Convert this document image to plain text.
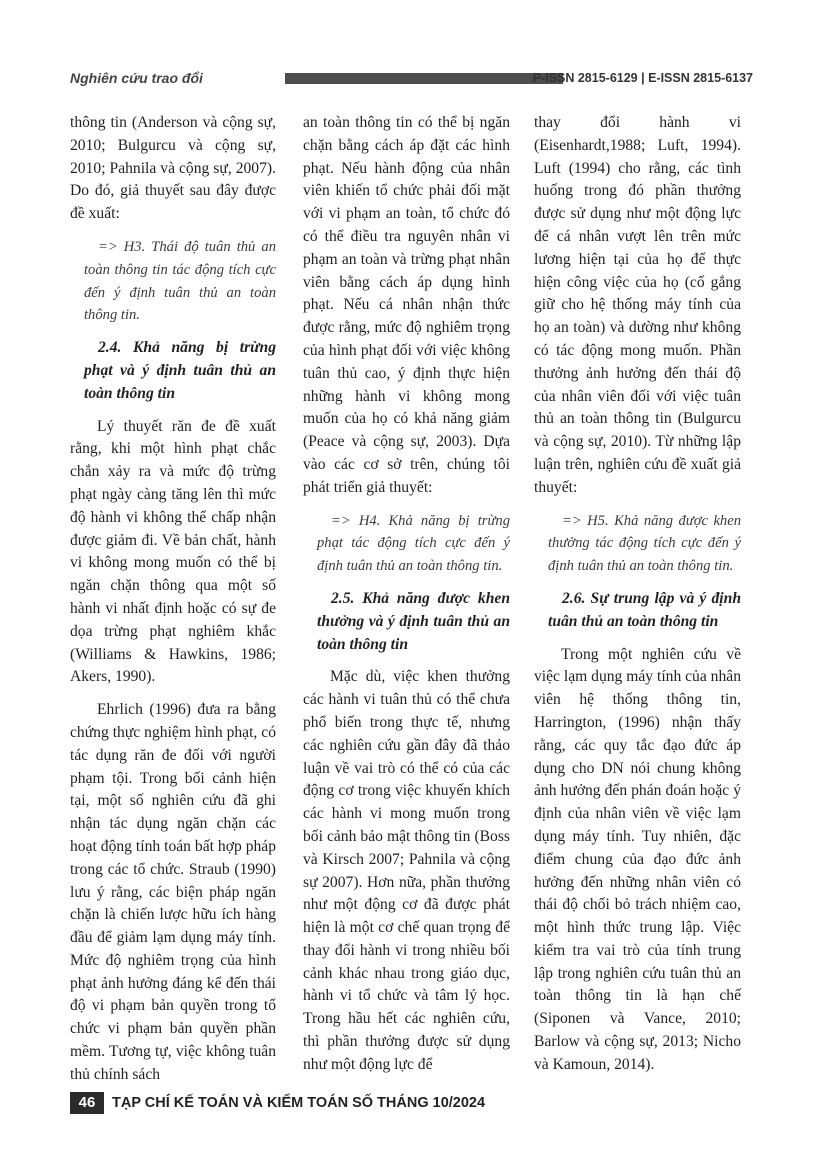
Nghiên cứu trao đổi	P-ISSN 2815-6129 | E-ISSN 2815-6137

thông tin (Anderson và cộng sự, 2010; Bulgurcu và cộng sự, 2010; Pahnila và cộng sự, 2007). Do đó, giả thuyết sau đây được đề xuất:

=> H3. Thái độ tuân thủ an toàn thông tin tác động tích cực đến ý định tuân thủ an toàn thông tin.

2.4. Khả năng bị trừng phạt và ý định tuân thủ an toàn thông tin

Lý thuyết răn đe đề xuất rằng, khi một hình phạt chắc chắn xảy ra và mức độ trừng phạt ngày càng tăng lên thì mức độ hành vi không thể chấp nhận được giảm đi. Về bản chất, hành vi không mong muốn có thể bị ngăn chặn thông qua một số hành vi nhất định hoặc có sự đe dọa trừng phạt nghiêm khắc (Williams & Hawkins, 1986; Akers, 1990).

Ehrlich (1996) đưa ra bằng chứng thực nghiệm hình phạt, có tác dụng răn đe đối với người phạm tội. Trong bối cảnh hiện tại, một số nghiên cứu đã ghi nhận tác dụng ngăn chặn các hoạt động tính toán bất hợp pháp trong các tổ chức. Straub (1990) lưu ý rằng, các biện pháp ngăn chặn là chiến lược hữu ích hàng đầu để giảm lạm dụng máy tính. Mức độ nghiêm trọng của hình phạt ảnh hưởng đáng kể đến thái độ vi phạm bản quyền trong tổ chức vi phạm bản quyền phần mềm. Tương tự, việc không tuân thủ chính sách

an toàn thông tin có thể bị ngăn chặn bằng cách áp đặt các hình phạt. Nếu hành động của nhân viên khiến tổ chức phải đối mặt với vi phạm an toàn, tổ chức đó có thể điều tra nguyên nhân vi phạm an toàn và trừng phạt nhân viên bằng cách áp dụng hình phạt. Nếu cá nhân nhận thức được rằng, mức độ nghiêm trọng của hình phạt đối với việc không tuân thủ cao, ý định thực hiện những hành vi không mong muốn của họ có khả năng giảm (Peace và cộng sự, 2003). Dựa vào các cơ sở trên, chúng tôi phát triển giả thuyết:

=> H4. Khả năng bị trừng phạt tác động tích cực đến ý định tuân thủ an toàn thông tin.

2.5. Khả năng được khen thưởng và ý định tuân thủ an toàn thông tin

Mặc dù, việc khen thưởng các hành vi tuân thủ có thể chưa phổ biến trong thực tế, nhưng các nghiên cứu gần đây đã thảo luận về vai trò có thể có của các động cơ trong việc khuyến khích các hành vi mong muốn trong bối cảnh bảo mật thông tin (Boss và Kirsch 2007; Pahnila và cộng sự 2007). Hơn nữa, phần thưởng như một động cơ đã được phát hiện là một cơ chế quan trọng để thay đổi hành vi trong nhiều bối cảnh khác nhau trong giáo dục, hành vi tổ chức và tâm lý học. Trong hầu hết các nghiên cứu, thì phần thưởng được sử dụng như một động lực để

thay đổi hành vi (Eisenhardt,1988; Luft, 1994). Luft (1994) cho rằng, các tình huống trong đó phần thưởng được sử dụng như một động lực để cá nhân vượt lên trên mức lương hiện tại của họ để thực hiện công việc của họ (cố gắng giữ cho hệ thống máy tính của họ an toàn) và dường như không có tác động mong muốn. Phần thưởng ảnh hưởng đến thái độ của nhân viên đối với việc tuân thủ an toàn thông tin (Bulgurcu và cộng sự, 2010). Từ những lập luận trên, nghiên cứu đề xuất giả thuyết:

=> H5. Khả năng được khen thưởng tác động tích cực đến ý định tuân thủ an toàn thông tin.

2.6. Sự trung lập và ý định tuân thủ an toàn thông tin

Trong một nghiên cứu về việc lạm dụng máy tính của nhân viên hệ thống thông tin, Harrington, (1996) nhận thấy rằng, các quy tắc đạo đức áp dụng cho DN nói chung không ảnh hưởng đến phán đoán hoặc ý định của nhân viên về việc lạm dụng máy tính. Tuy nhiên, đặc điểm chung của đạo đức ảnh hưởng đến những nhân viên có thái độ chối bỏ trách nhiệm cao, một hình thức trung lập. Việc kiểm tra vai trò của tính trung lập trong nghiên cứu tuân thủ an toàn thông tin là hạn chế (Siponen và Vance, 2010; Barlow và cộng sự, 2013; Nicho và Kamoun, 2014).

46	TẠP CHÍ KẾ TOÁN VÀ KIỂM TOÁN SỐ THÁNG 10/2024
